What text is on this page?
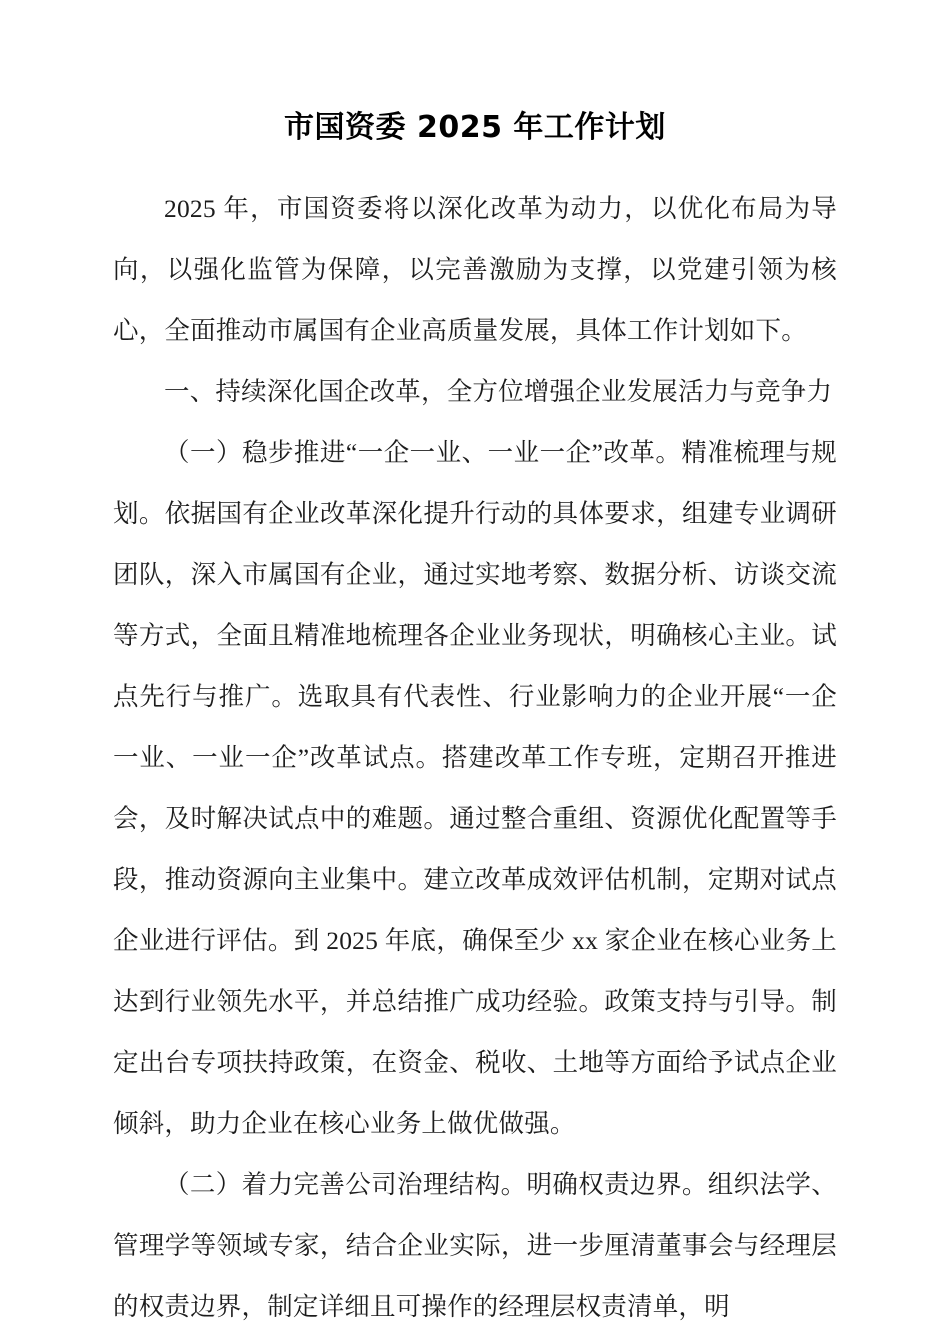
市国资委 2025 年工作计划

2025 年，市国资委将以深化改革为动力，以优化布局为导向，以强化监管为保障，以完善激励为支撑，以党建引领为核心，全面推动市属国有企业高质量发展，具体工作计划如下。

一、持续深化国企改革，全方位增强企业发展活力与竞争力

（一）稳步推进“一企一业、一业一企”改革。精准梳理与规划。依据国有企业改革深化提升行动的具体要求，组建专业调研团队，深入市属国有企业，通过实地考察、数据分析、访谈交流等方式，全面且精准地梳理各企业业务现状，明确核心主业。试点先行与推广。选取具有代表性、行业影响力的企业开展“一企一业、一业一企”改革试点。搭建改革工作专班，定期召开推进会，及时解决试点中的难题。通过整合重组、资源优化配置等手段，推动资源向主业集中。建立改革成效评估机制，定期对试点企业进行评估。到 2025 年底，确保至少 xx 家企业在核心业务上达到行业领先水平，并总结推广成功经验。政策支持与引导。制定出台专项扶持政策，在资金、税收、土地等方面给予试点企业倾斜，助力企业在核心业务上做优做强。

（二）着力完善公司治理结构。明确权责边界。组织法学、管理学等领域专家，结合企业实际，进一步厘清董事会与经理层的权责边界，制定详细且可操作的经理层权责清单，明
